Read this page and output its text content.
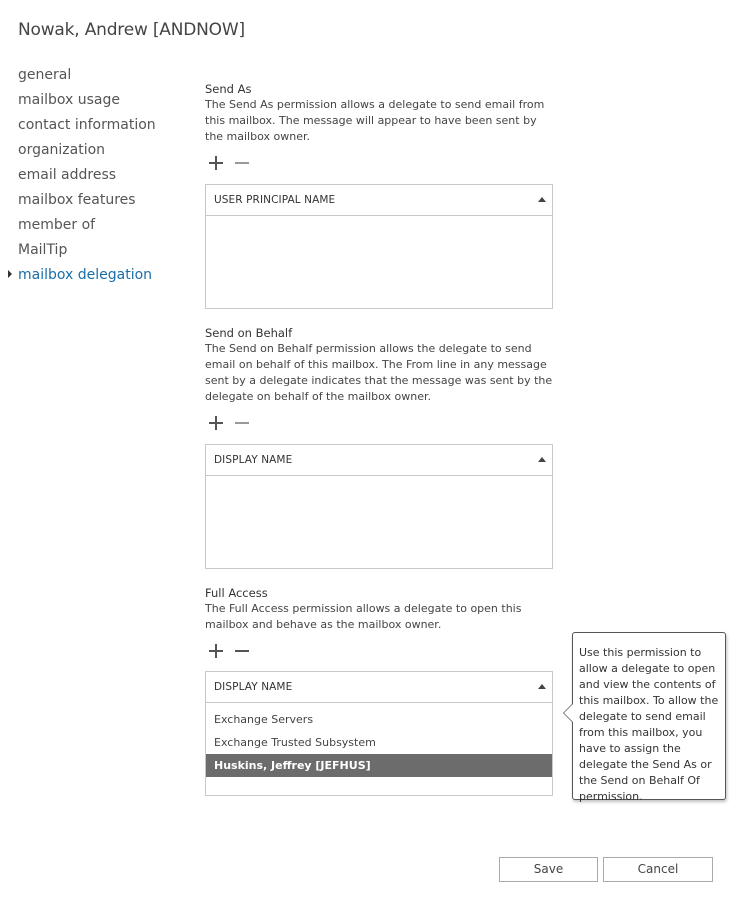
Nowak, Andrew [ANDNOW]
general
mailbox usage
contact information
organization
email address
mailbox features
member of
MailTip
mailbox delegation
Send As
The Send As permission allows a delegate to send email from this mailbox. The message will appear to have been sent by the mailbox owner.
USER PRINCIPAL NAME
Send on Behalf
The Send on Behalf permission allows the delegate to send email on behalf of this mailbox. The From line in any message sent by a delegate indicates that the message was sent by the delegate on behalf of the mailbox owner.
DISPLAY NAME
Full Access
The Full Access permission allows a delegate to open this mailbox and behave as the mailbox owner.
DISPLAY NAME
Exchange Servers
Exchange Trusted Subsystem
Huskins, Jeffrey [JEFHUS]
Use this permission to allow a delegate to open and view the contents of this mailbox. To allow the delegate to send email from this mailbox, you have to assign the delegate the Send As or the Send on Behalf Of permission.
Save	Cancel
